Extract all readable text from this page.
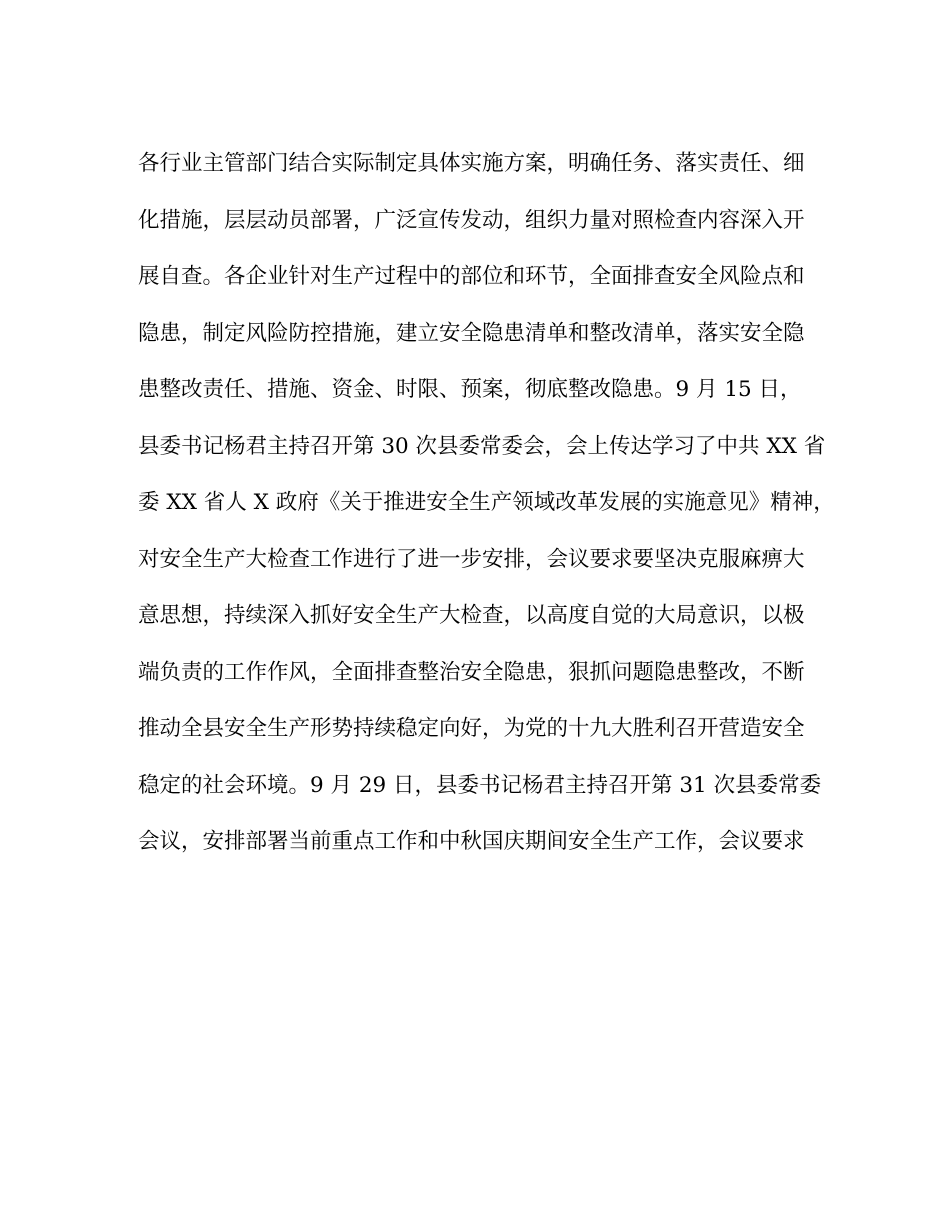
各行业主管部门结合实际制定具体实施方案，明确任务、落实责任、细
化措施，层层动员部署，广泛宣传发动，组织力量对照检查内容深入开
展自查。各企业针对生产过程中的部位和环节，全面排查安全风险点和
隐患，制定风险防控措施，建立安全隐患清单和整改清单，落实安全隐
患整改责任、措施、资金、时限、预案，彻底整改隐患。9 月 15 日，
县委书记杨君主持召开第 30 次县委常委会，会上传达学习了中共 XX 省
委 XX 省人 X 政府《关于推进安全生产领域改革发展的实施意见》精神，
对安全生产大检查工作进行了进一步安排，会议要求要坚决克服麻痹大
意思想，持续深入抓好安全生产大检查，以高度自觉的大局意识，以极
端负责的工作作风，全面排查整治安全隐患，狠抓问题隐患整改，不断
推动全县安全生产形势持续稳定向好，为党的十九大胜利召开营造安全
稳定的社会环境。9 月 29 日，县委书记杨君主持召开第 31 次县委常委
会议，安排部署当前重点工作和中秋国庆期间安全生产工作，会议要求
